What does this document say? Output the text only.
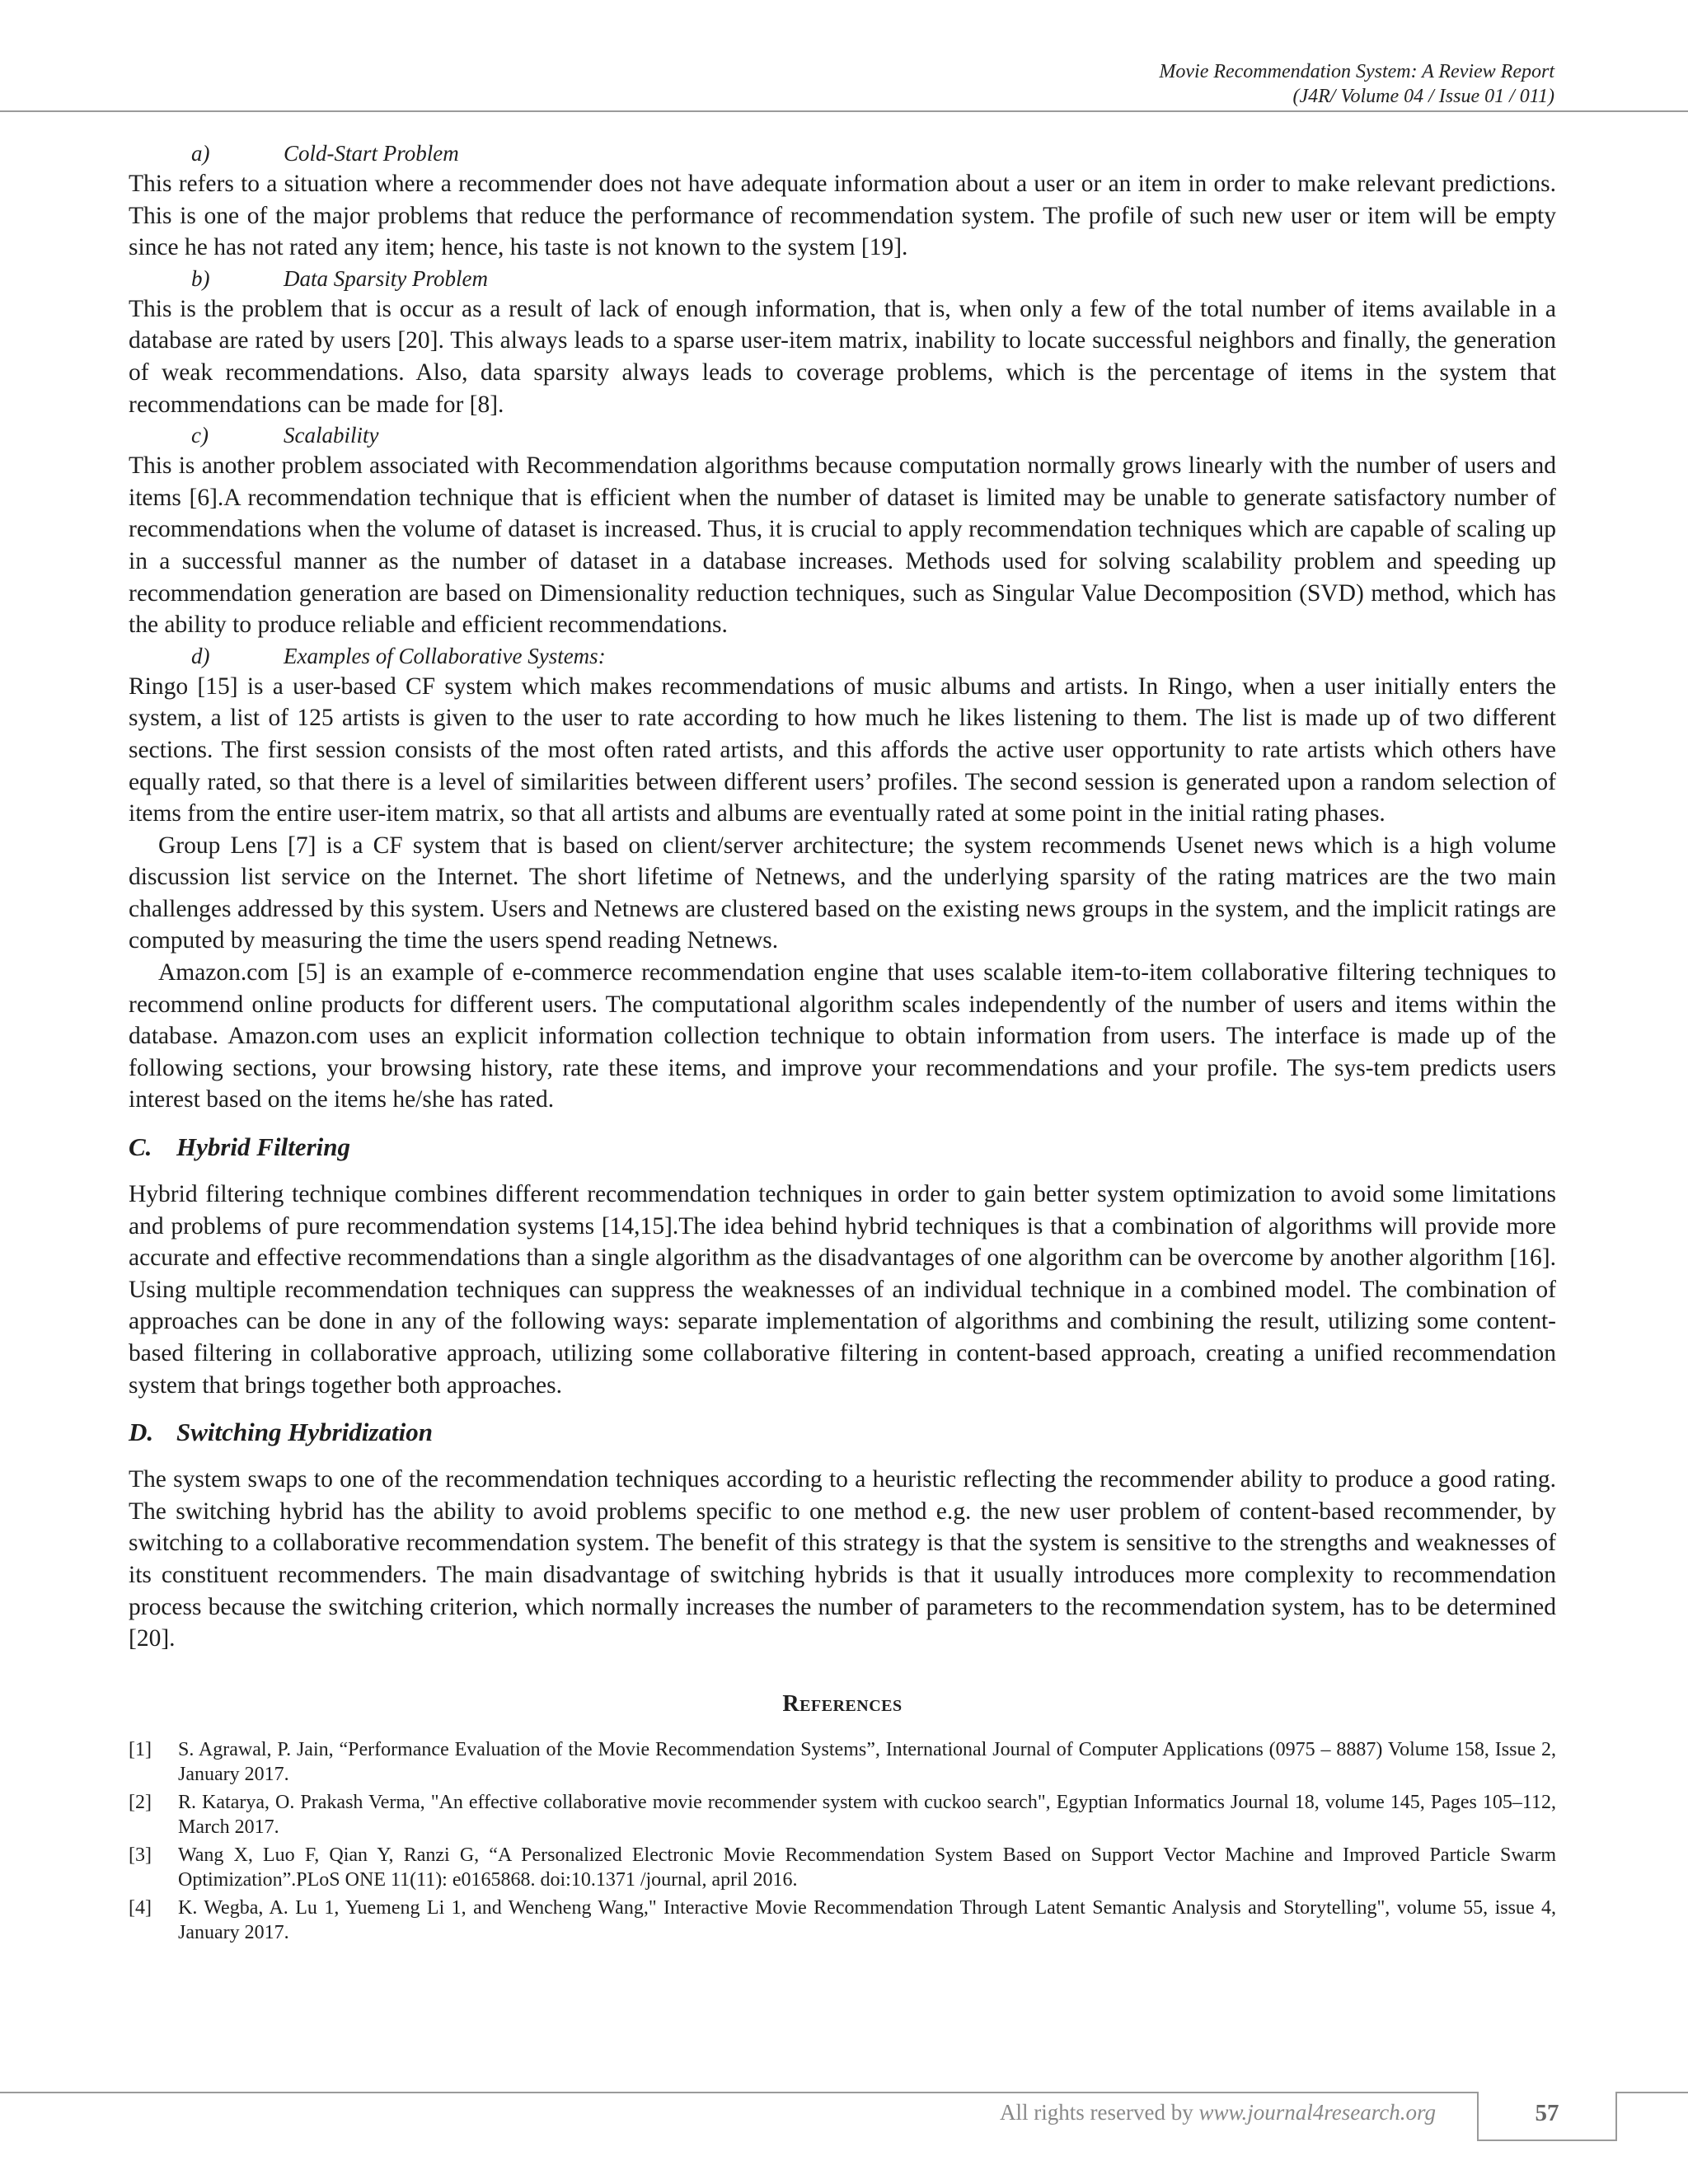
Movie Recommendation System: A Review Report
(J4R/ Volume 04 / Issue 01 / 011)
a)	Cold-Start Problem

This refers to a situation where a recommender does not have adequate information about a user or an item in order to make relevant predictions. This is one of the major problems that reduce the performance of recommendation system. The profile of such new user or item will be empty since he has not rated any item; hence, his taste is not known to the system [19].

b)	Data Sparsity Problem

This is the problem that is occur as a result of lack of enough information, that is, when only a few of the total number of items available in a database are rated by users [20]. This always leads to a sparse user-item matrix, inability to locate successful neighbors and finally, the generation of weak recommendations. Also, data sparsity always leads to coverage problems, which is the percentage of items in the system that recommendations can be made for [8].

c)	Scalability

This is another problem associated with Recommendation algorithms because computation normally grows linearly with the number of users and items [6].A recommendation technique that is efficient when the number of dataset is limited may be unable to generate satisfactory number of recommendations when the volume of dataset is increased. Thus, it is crucial to apply recommendation techniques which are capable of scaling up in a successful manner as the number of dataset in a database increases. Methods used for solving scalability problem and speeding up recommendation generation are based on Dimensionality reduction techniques, such as Singular Value Decomposition (SVD) method, which has the ability to produce reliable and efficient recommendations.

d)	Examples of Collaborative Systems:

Ringo [15] is a user-based CF system which makes recommendations of music albums and artists. In Ringo, when a user initially enters the system, a list of 125 artists is given to the user to rate according to how much he likes listening to them. The list is made up of two different sections. The first session consists of the most often rated artists, and this affords the active user opportunity to rate artists which others have equally rated, so that there is a level of similarities between different users’ profiles. The second session is generated upon a random selection of items from the entire user-item matrix, so that all artists and albums are eventually rated at some point in the initial rating phases.

Group Lens [7] is a CF system that is based on client/server architecture; the system recommends Usenet news which is a high volume discussion list service on the Internet. The short lifetime of Netnews, and the underlying sparsity of the rating matrices are the two main challenges addressed by this system. Users and Netnews are clustered based on the existing news groups in the system, and the implicit ratings are computed by measuring the time the users spend reading Netnews.

Amazon.com [5] is an example of e-commerce recommendation engine that uses scalable item-to-item collaborative filtering techniques to recommend online products for different users. The computational algorithm scales independently of the number of users and items within the database. Amazon.com uses an explicit information collection technique to obtain information from users. The interface is made up of the following sections, your browsing history, rate these items, and improve your recommendations and your profile. The sys-tem predicts users interest based on the items he/she has rated.

C. Hybrid Filtering

Hybrid filtering technique combines different recommendation techniques in order to gain better system optimization to avoid some limitations and problems of pure recommendation systems [14,15].The idea behind hybrid techniques is that a combination of algorithms will provide more accurate and effective recommendations than a single algorithm as the disadvantages of one algorithm can be overcome by another algorithm [16]. Using multiple recommendation techniques can suppress the weaknesses of an individual technique in a combined model. The combination of approaches can be done in any of the following ways: separate implementation of algorithms and combining the result, utilizing some content-based filtering in collaborative approach, utilizing some collaborative filtering in content-based approach, creating a unified recommendation system that brings together both approaches.

D. Switching Hybridization

The system swaps to one of the recommendation techniques according to a heuristic reflecting the recommender ability to produce a good rating. The switching hybrid has the ability to avoid problems specific to one method e.g. the new user problem of content-based recommender, by switching to a collaborative recommendation system. The benefit of this strategy is that the system is sensitive to the strengths and weaknesses of its constituent recommenders. The main disadvantage of switching hybrids is that it usually introduces more complexity to recommendation process because the switching criterion, which normally increases the number of parameters to the recommendation system, has to be determined [20].

References
[1]	S. Agrawal, P. Jain, “Performance Evaluation of the Movie Recommendation Systems”, International Journal of Computer Applications (0975 – 8887) Volume 158, Issue 2, January 2017.
[2]	R. Katarya, O. Prakash Verma, "An effective collaborative movie recommender system with cuckoo search", Egyptian Informatics Journal 18, volume 145, Pages 105–112, March 2017.
[3]	Wang X, Luo F, Qian Y, Ranzi G, “A Personalized Electronic Movie Recommendation System Based on Support Vector Machine and Improved Particle Swarm Optimization”.PLoS ONE 11(11): e0165868. doi:10.1371 /journal, april 2016.
[4]	K. Wegba, A. Lu 1, Yuemeng Li 1, and Wencheng Wang," Interactive Movie Recommendation Through Latent Semantic Analysis and Storytelling", volume 55, issue 4, January 2017.
All rights reserved by www.journal4research.org	57
